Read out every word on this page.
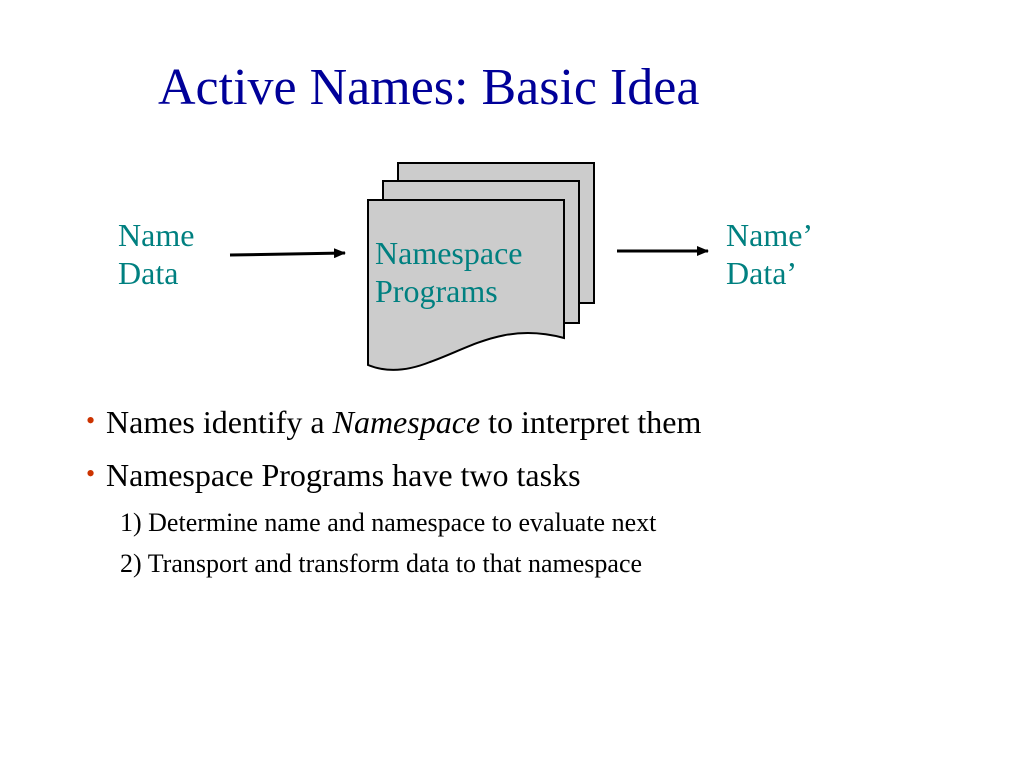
Active Names: Basic Idea
Name
Data
Namespace
Programs
Name’
Data’
• Names identify a Namespace to interpret them
• Namespace Programs have two tasks
1) Determine name and namespace to evaluate next
2) Transport and transform data to that namespace
